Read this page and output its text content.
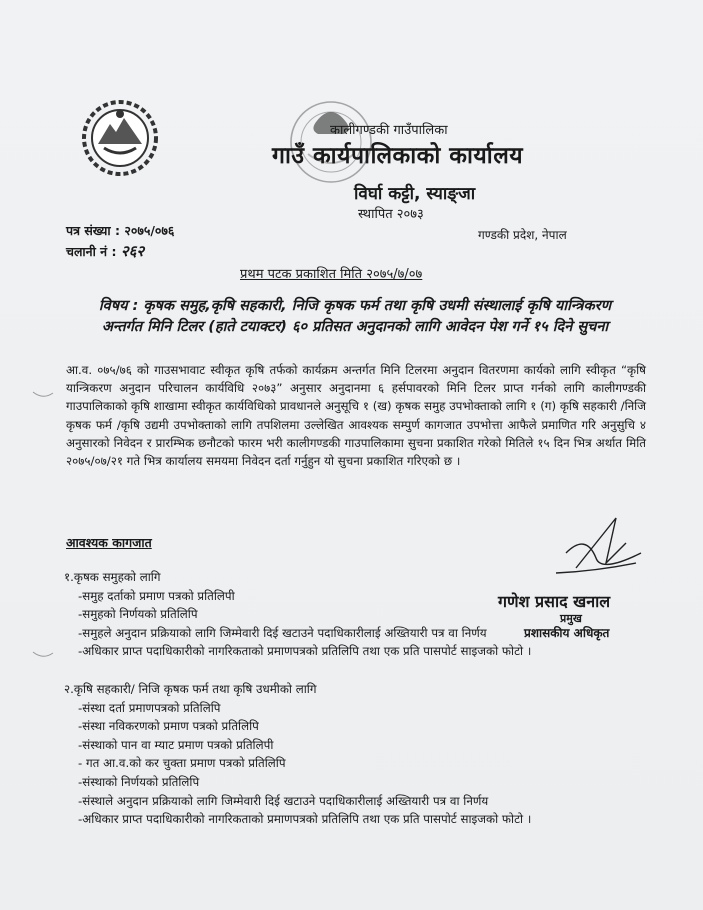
कालीगण्डकी गाउँपालिका
गाउँ कार्यपालिकाको कार्यालय
विर्घा कट्टी, स्याङ्जा
स्थापित २०७३
गण्डकी प्रदेश, नेपाल
पत्र संख्या : २०७५/०७६
चलानी नं : २६२
प्रथम पटक प्रकाशित मिति २०७५/७/०७
विषय : कृषक समुह,कृषि सहकारी, निजि कृषक फर्म तथा कृषि उधमी संस्थालाई कृषि यान्त्रिकरण
अन्तर्गत मिनि टिलर (हाते टयाक्टर) ६० प्रतिसत अनुदानको लागि आवेदन पेश गर्ने १५ दिने सुचना
आ.व. ०७५/७६ को गाउसभावाट स्वीकृत कृषि तर्फको कार्यक्रम अन्तर्गत मिनि टिलरमा अनुदान वितरणमा कार्यको लागि स्वीकृत “कृषि यान्त्रिकरण अनुदान परिचालन कार्यविधि २०७३” अनुसार अनुदानमा ६ हर्सपावरको मिनि टिलर प्राप्त गर्नको लागि कालीगण्डकी गाउपालिकाको कृषि शाखामा स्वीकृत कार्यविधिको प्रावधानले अनुसूचि १ (ख) कृषक समुह उपभोक्ताको लागि १ (ग) कृषि सहकारी /निजि कृषक फर्म /कृषि उद्यमी उपभोक्ताको लागि तपशिलमा उल्लेखित आवश्यक सम्पुर्ण कागजात उपभोत्ता आफैले प्रमाणित गरि अनुसुचि ४ अनुसारको निवेदन र प्रारम्भिक छनौटको फारम भरी कालीगण्डकी गाउपालिकामा सुचना प्रकाशित गरेको मितिले १५ दिन भित्र अर्थात मिति २०७५/०७/२१ गते भित्र कार्यालय समयमा निवेदन दर्ता गर्नुहुन यो सुचना प्रकाशित गरिएको छ ।
आवश्यक कागजात
गणेश प्रसाद खनाल
प्रमुख
प्रशासकीय अधिकृत
१.कृषक समुहको लागि
-समुह दर्ताको प्रमाण पत्रको प्रतिलिपी
-समुहको निर्णयको प्रतिलिपि
-समुहले अनुदान प्रक्रियाको लागि जिम्मेवारी दिई खटाउने पदाधिकारीलाई अख्तियारी पत्र वा निर्णय
-अधिकार प्राप्त पदाधिकारीको नागरिकताको प्रमाणपत्रको प्रतिलिपि तथा एक प्रति पासपोर्ट साइजको फोटो ।
२.कृषि सहकारी/ निजि कृषक फर्म तथा कृषि उधमीको लागि
-संस्था दर्ता प्रमाणपत्रको प्रतिलिपि
-संस्था नविकरणको प्रमाण पत्रको प्रतिलिपि
-संस्थाको पान वा म्याट प्रमाण पत्रको प्रतिलिपी
- गत आ.व.को कर चुक्ता प्रमाण पत्रको प्रतिलिपि
-संस्थाको निर्णयको प्रतिलिपि
-संस्थाले अनुदान प्रक्रियाको लागि जिम्मेवारी दिई खटाउने पदाधिकारीलाई अख्तियारी पत्र वा निर्णय
-अधिकार प्राप्त पदाधिकारीको नागरिकताको प्रमाणपत्रको प्रतिलिपि तथा एक प्रति पासपोर्ट साइजको फोटो ।
